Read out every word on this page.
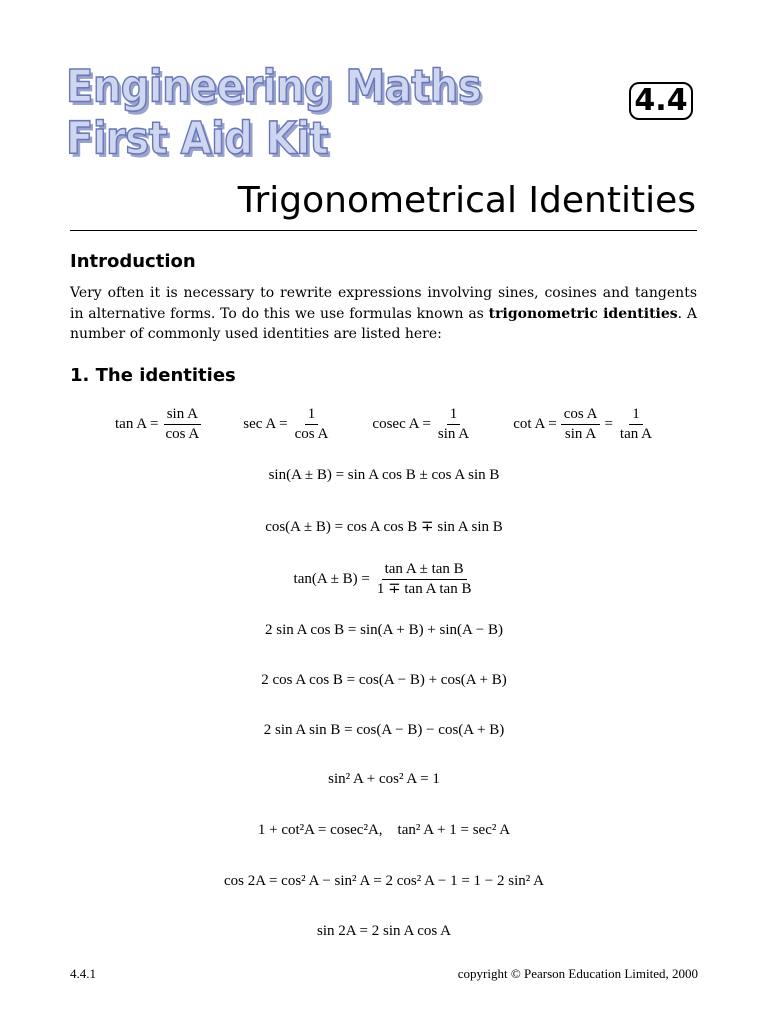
Engineering Maths
First Aid Kit
4.4
Trigonometrical Identities
Introduction
Very often it is necessary to rewrite expressions involving sines, cosines and tangents in alternative forms. To do this we use formulas known as trigonometric identities. A number of commonly used identities are listed here:
1. The identities
$\tan A = \frac{\text{sin A}}{\text{cos A}}$	$\sec A = \frac{1}{\text{cos A}}$	cosec $A = \frac{1}{\text{sin A}}$	$\cot A = \frac{\text{cos A}}{\text{sin A}} = \frac{1}{\text{tan A}}$
sin(A ± B) = sin A cos B ± cos A sin B
cos(A ± B) = cos A cos B ∓ sin A sin B
$\tan(A \pm B) = \frac{\text{tan A ± tan B}}{\text{1 ∓ tan A tan B}}$
2 sin A cos B = sin(A + B) + sin(A − B)
2 cos A cos B = cos(A − B) + cos(A + B)
2 sin A sin B = cos(A − B) − cos(A + B)
sin² A + cos² A = 1
1 + cot²A = cosec²A,    tan² A + 1 = sec² A
cos 2A = cos² A − sin² A = 2 cos² A − 1 = 1 − 2 sin² A
sin 2A = 2 sin A cos A
4.4.1	copyright © Pearson Education Limited, 2000
